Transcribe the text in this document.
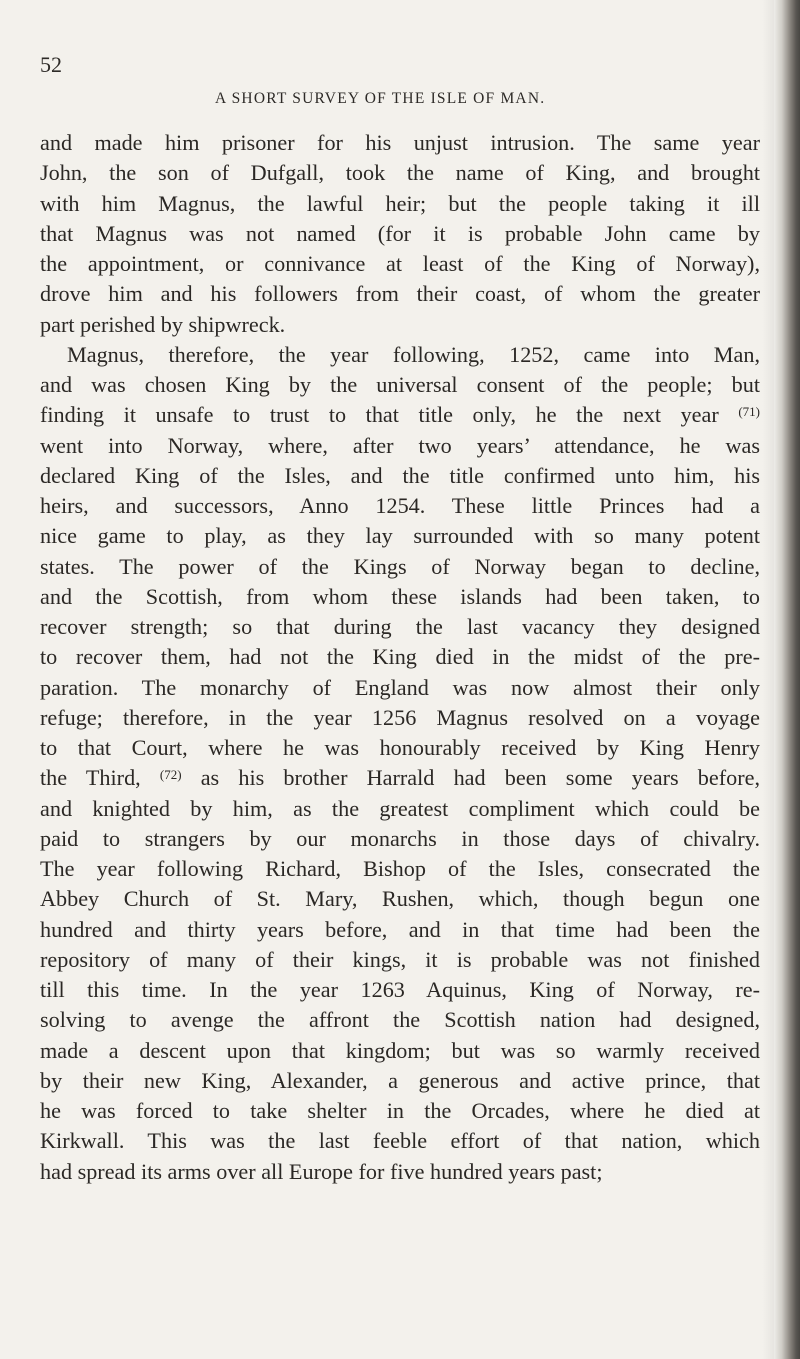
52
A SHORT SURVEY OF THE ISLE OF MAN.
and made him prisoner for his unjust intrusion. The same year
John, the son of Dufgall, took the name of King, and brought
with him Magnus, the lawful heir; but the people taking it ill
that Magnus was not named (for it is probable John came by
the appointment, or connivance at least of the King of Norway),
drove him and his followers from their coast, of whom the greater
part perished by shipwreck.
Magnus, therefore, the year following, 1252, came into Man,
and was chosen King by the universal consent of the people; but
finding it unsafe to trust to that title only, he the next year $^{(71)}$
went into Norway, where, after two years’ attendance, he was
declared King of the Isles, and the title confirmed unto him, his
heirs, and successors, Anno 1254. These little Princes had a
nice game to play, as they lay surrounded with so many potent
states. The power of the Kings of Norway began to decline,
and the Scottish, from whom these islands had been taken, to
recover strength; so that during the last vacancy they designed
to recover them, had not the King died in the midst of the pre-
paration. The monarchy of England was now almost their only
refuge; therefore, in the year 1256 Magnus resolved on a voyage
to that Court, where he was honourably received by King Henry
the Third, $^{(72)}$ as his brother Harrald had been some years before,
and knighted by him, as the greatest compliment which could be
paid to strangers by our monarchs in those days of chivalry.
The year following Richard, Bishop of the Isles, consecrated the
Abbey Church of St. Mary, Rushen, which, though begun one
hundred and thirty years before, and in that time had been the
repository of many of their kings, it is probable was not finished
till this time. In the year 1263 Aquinus, King of Norway, re-
solving to avenge the affront the Scottish nation had designed,
made a descent upon that kingdom; but was so warmly received
by their new King, Alexander, a generous and active prince, that
he was forced to take shelter in the Orcades, where he died at
Kirkwall. This was the last feeble effort of that nation, which
had spread its arms over all Europe for five hundred years past;
